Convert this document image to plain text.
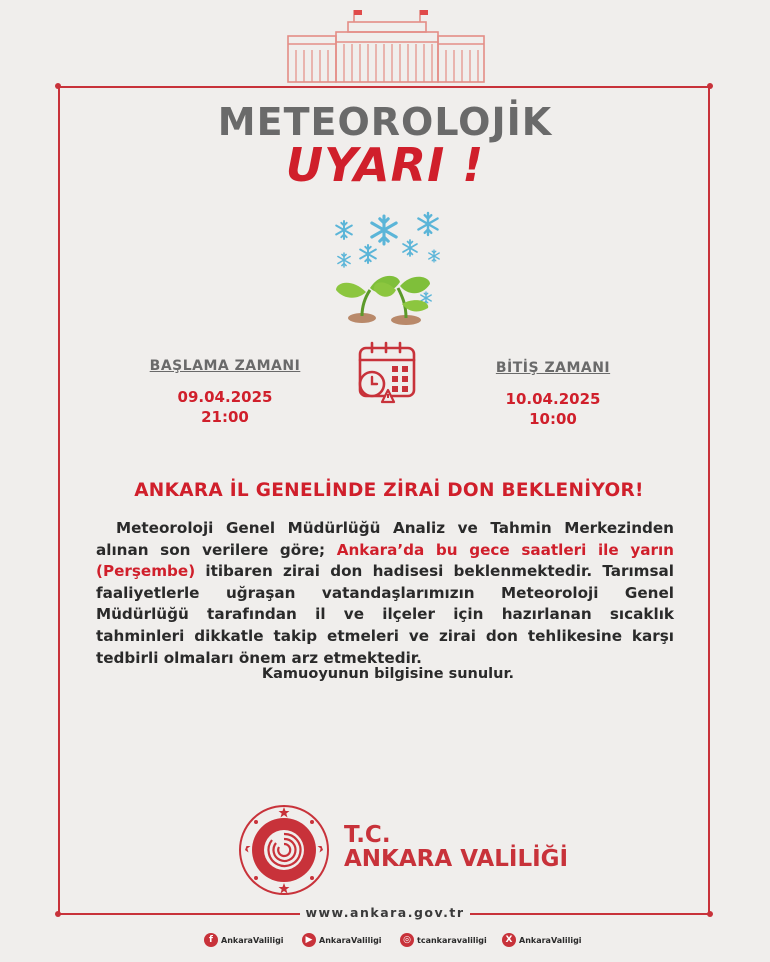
METEOROLOJİK
UYARI !
BAŞLAMA ZAMANI
09.04.2025
21:00
BİTİŞ ZAMANI
10.04.2025
10:00
ANKARA İL GENELİNDE ZİRAİ DON BEKLENİYOR!
Meteoroloji Genel Müdürlüğü Analiz ve Tahmin Merkezinden alınan son verilere göre; Ankara’da bu gece saatleri ile yarın (Perşembe) itibaren zirai don hadisesi beklenmektedir. Tarımsal faaliyetlerle uğraşan vatandaşlarımızın Meteoroloji Genel Müdürlüğü tarafından il ve ilçeler için hazırlanan sıcaklık tahminleri dikkatle takip etmeleri ve zirai don tehlikesine karşı tedbirli olmaları önem arz etmektedir.
Kamuoyunun bilgisine sunulur.
T.C.
ANKARA VALİLİĞİ
www.ankara.gov.tr
f	AnkaraValiligi	▶ AnkaraValiligi	◎ tcankaravaliligi	X AnkaraValiligi
